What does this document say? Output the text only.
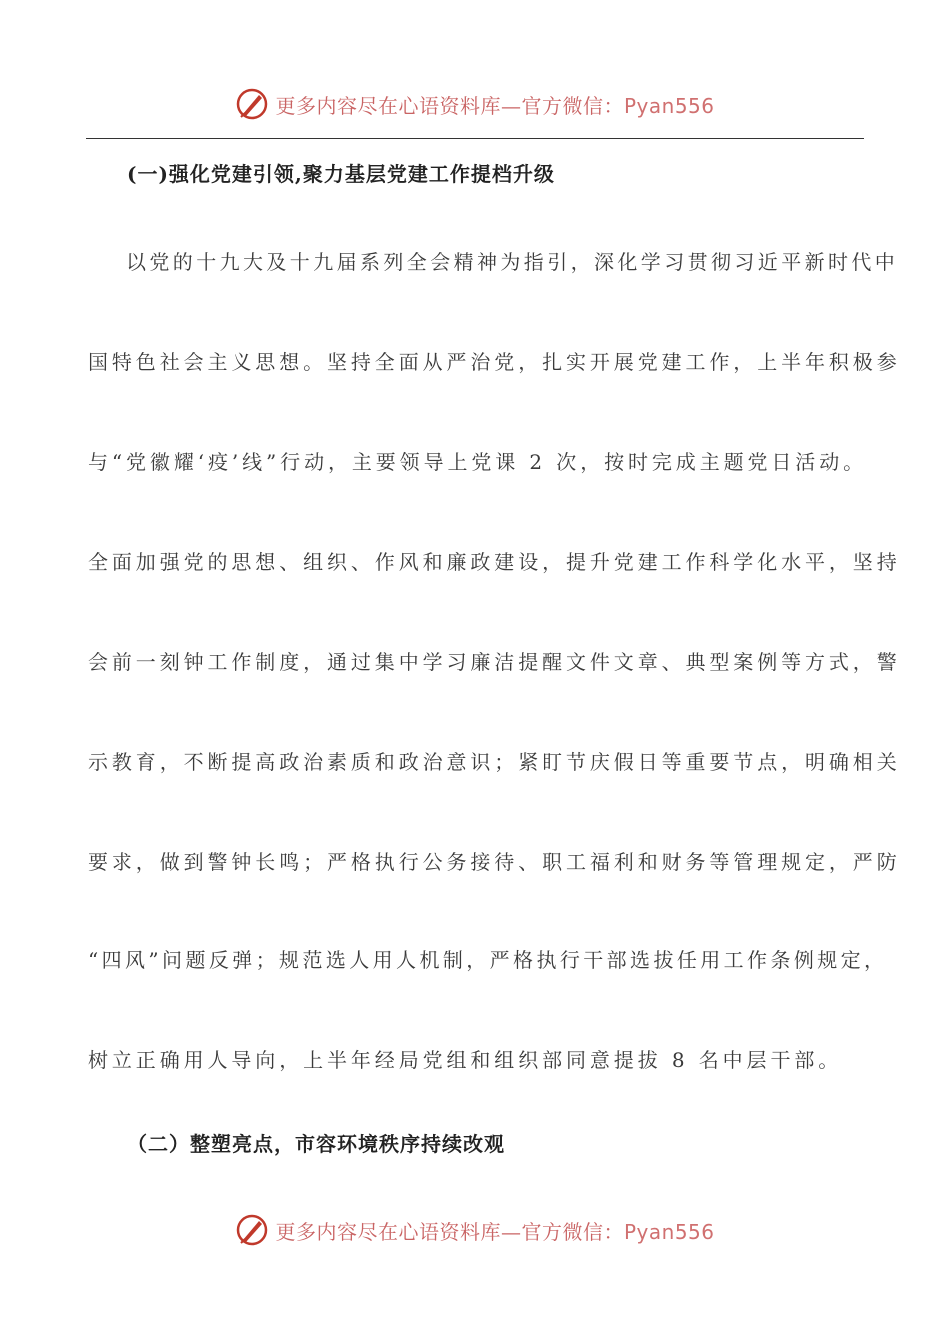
更多内容尽在心语资料库—官方微信：Pyan556
(一)强化党建引领,聚力基层党建工作提档升级
以党的十九大及十九届系列全会精神为指引，深化学习贯彻习近平新时代中
国特色社会主义思想。坚持全面从严治党，扎实开展党建工作，上半年积极参
与“党徽耀‘疫’线”行动，主要领导上党课 2 次，按时完成主题党日活动。
全面加强党的思想、组织、作风和廉政建设，提升党建工作科学化水平，坚持
会前一刻钟工作制度，通过集中学习廉洁提醒文件文章、典型案例等方式，警
示教育，不断提高政治素质和政治意识；紧盯节庆假日等重要节点，明确相关
要求，做到警钟长鸣；严格执行公务接待、职工福利和财务等管理规定，严防
“四风”问题反弹；规范选人用人机制，严格执行干部选拔任用工作条例规定，
树立正确用人导向，上半年经局党组和组织部同意提拔 8 名中层干部。
（二）整塑亮点，市容环境秩序持续改观
更多内容尽在心语资料库—官方微信：Pyan556
